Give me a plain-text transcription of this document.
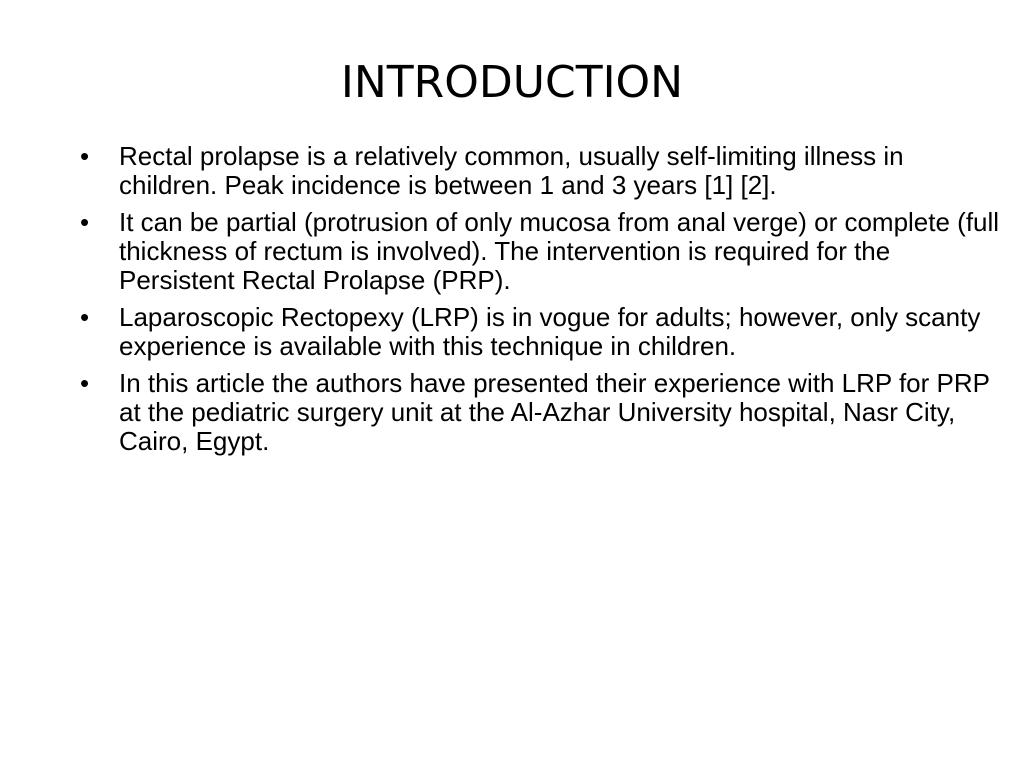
INTRODUCTION
•	Rectal prolapse is a relatively common, usually self-limiting illness in children. Peak incidence is between 1 and 3 years [1] [2].
•	It can be partial (protrusion of only mucosa from anal verge) or complete (full thickness of rectum is involved). The intervention is required for the Persistent Rectal Prolapse (PRP).
•	Laparoscopic Rectopexy (LRP) is in vogue for adults; however, only scanty experience is available with this technique in children.
•	In this article the authors have presented their experience with LRP for PRP at the pediatric surgery unit at the Al-Azhar University hospital, Nasr City, Cairo, Egypt.
